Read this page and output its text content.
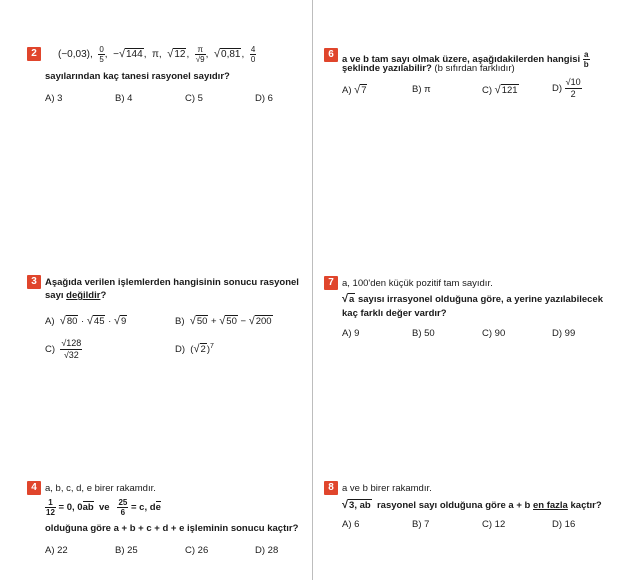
2	(−0,03), $\frac{0}{5}$ ,  −√144,  π,  √12, $\frac{\pi}{√9}$ ,  √0,81, $\frac{4}{0}$
sayılarından kaç tanesi rasyonel sayıdır?
A) 3	B) 4	C) 5	D) 6
3 Aşağıda verilen işlemlerden hangisinin sonucu rasyonel
sayı değildir?
A)  √80 · √45 · √9	B)  √50 + √50 − √200
$C) \frac{√128}{√32}$	D)  $(√2)^7$
4 a, b, c, d, e birer rakamdır.
$\frac{1}{12} = 0$, 0ab  ve $\frac{25}{6} = c$, de
olduğuna göre a + b + c + d + e işleminin sonucu kaçtır?
A) 22	B) 25	C) 26	D) 28
6 a ve b tam sayı olmak üzere, aşağıdakilerden hangisi $\frac{a}{b}$
şeklinde yazılabilir? (b sıfırdan farklıdır)
A) √7	B) π	C) √121	$D) \frac{√10}{2}$
7 a, 100'den küçük pozitif tam sayıdır.
√a sayısı irrasyonel olduğuna göre, a yerine yazılabilecek
kaç farklı değer vardır?
A) 9	B) 50	C) 90	D) 99
8 a ve b birer rakamdır.
√3, ab rasyonel sayı olduğuna göre a + b en fazla kaçtır?
A) 6	B) 7	C) 12	D) 16
